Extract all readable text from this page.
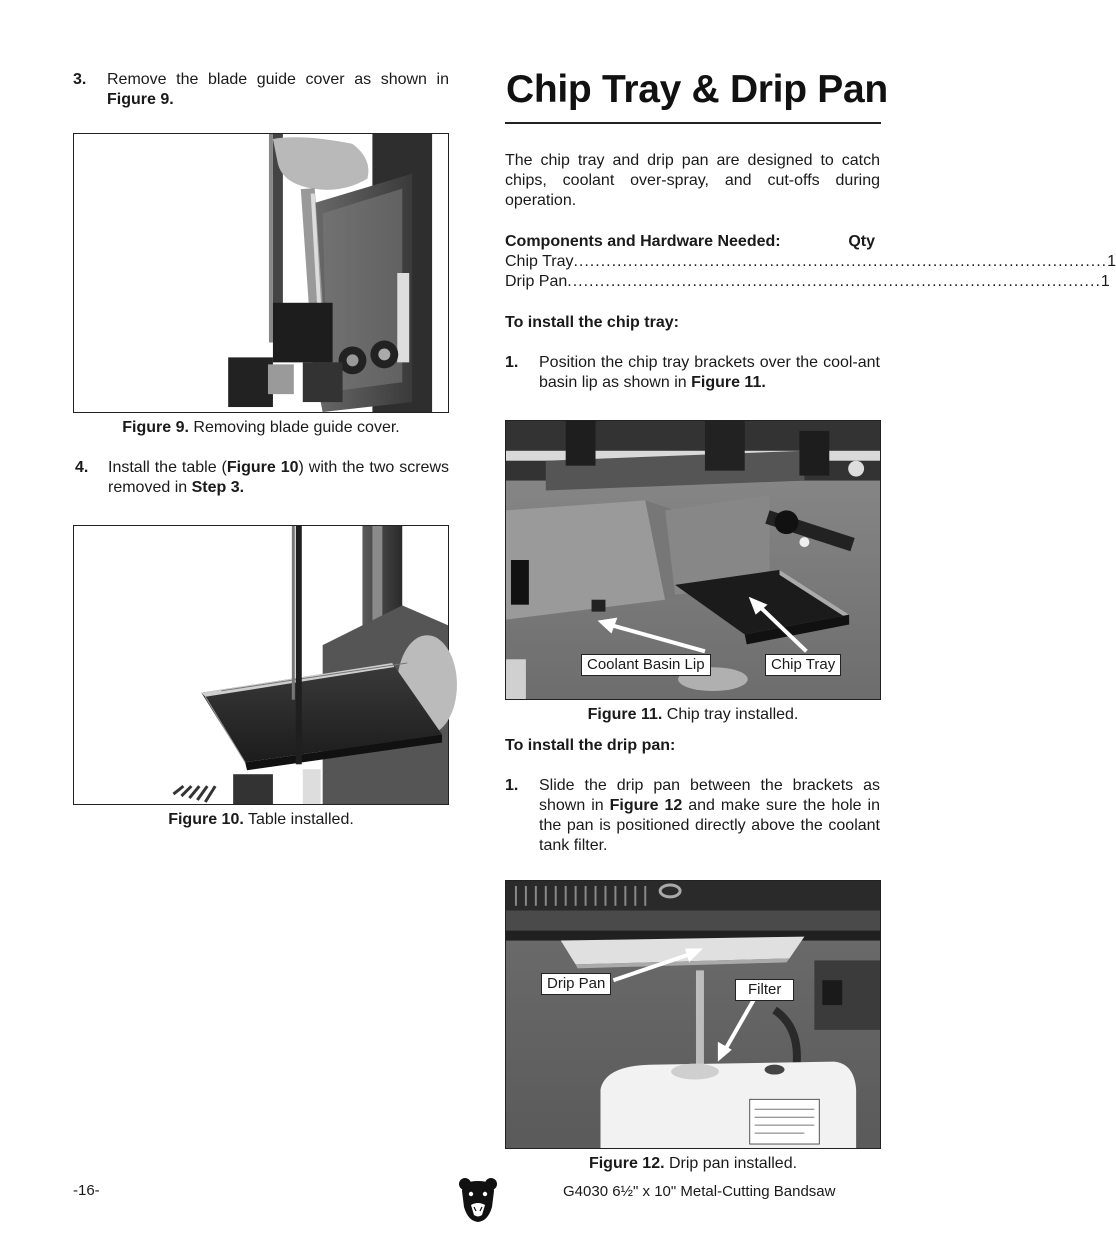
3. Remove the blade guide cover as shown in Figure 9.
Figure 9. Removing blade guide cover.
4. Install the table (Figure 10) with the two screws removed in Step 3.
Figure 10. Table installed.
Chip Tray & Drip Pan
The chip tray and drip pan are designed to catch chips, coolant over-spray, and cut-offs during operation.
Components and Hardware Needed:	Qty
Chip Tray .................................................................................................. 1
Drip Pan .................................................................................................. 1
To install the chip tray:
1. Position the chip tray brackets over the cool-ant basin lip as shown in Figure 11.
Coolant Basin Lip	Chip Tray
Figure 11. Chip tray installed.
To install the drip pan:
1. Slide the drip pan between the brackets as shown in Figure 12 and make sure the hole in the pan is positioned directly above the coolant tank filter.
Drip Pan	Filter
Figure 12. Drip pan installed.
-16-	G4030 6½" x 10" Metal-Cutting Bandsaw
